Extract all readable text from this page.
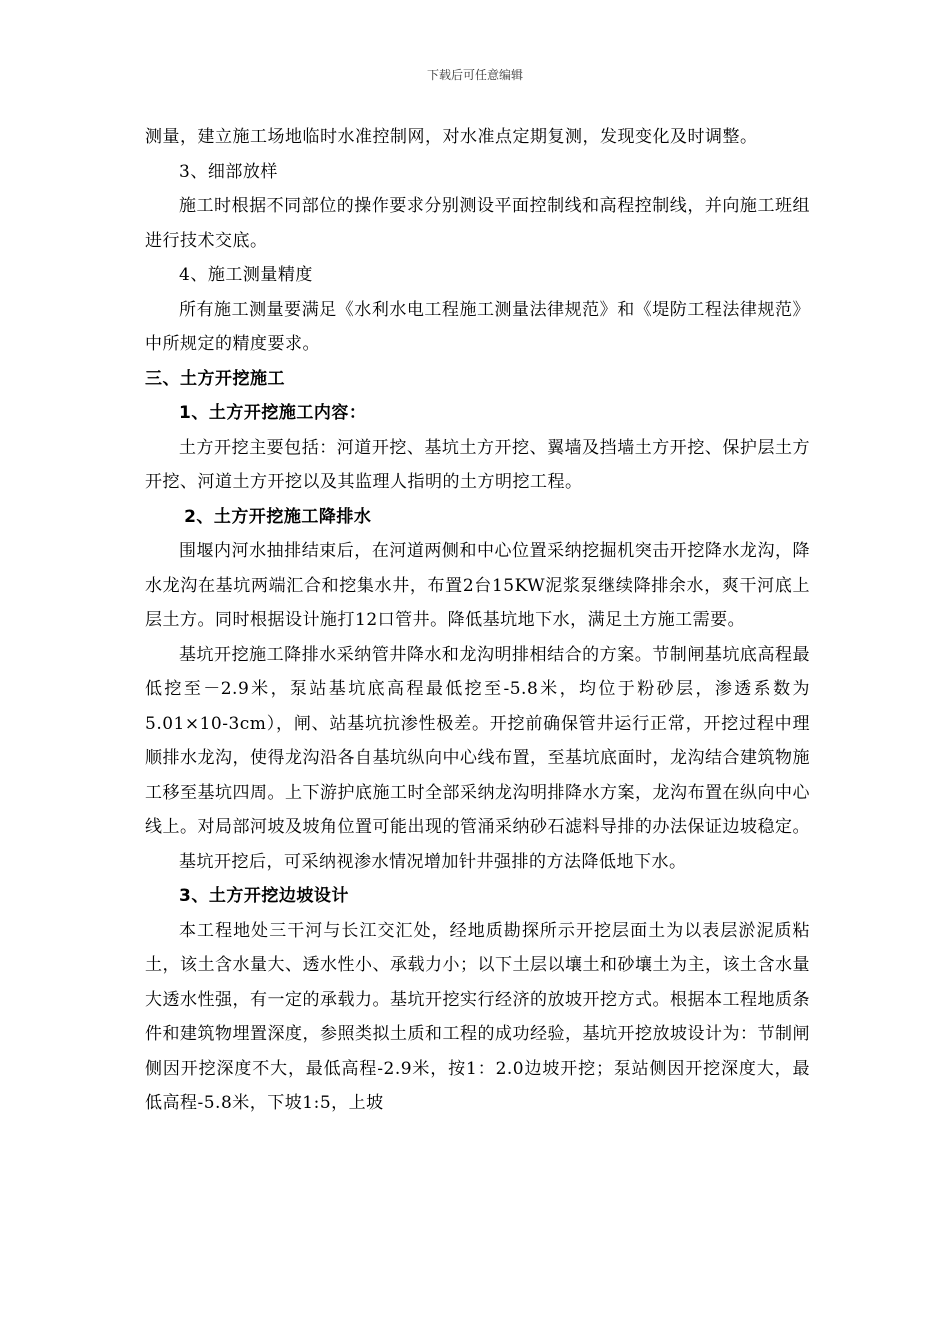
下载后可任意编辑

测量，建立施工场地临时水准控制网，对水准点定期复测，发现变化及时调整。

3、细部放样

施工时根据不同部位的操作要求分别测设平面控制线和高程控制线，并向施工班组进行技术交底。

4、施工测量精度

所有施工测量要满足《水利水电工程施工测量法律规范》和《堤防工程法律规范》中所规定的精度要求。

三、土方开挖施工

1、土方开挖施工内容：

土方开挖主要包括：河道开挖、基坑土方开挖、翼墙及挡墙土方开挖、保护层土方开挖、河道土方开挖以及其监理人指明的土方明挖工程。

2、土方开挖施工降排水

围堰内河水抽排结束后，在河道两侧和中心位置采纳挖掘机突击开挖降水龙沟，降水龙沟在基坑两端汇合和挖集水井，布置2台15KW泥浆泵继续降排余水，爽干河底上层土方。同时根据设计施打12口管井。降低基坑地下水，满足土方施工需要。

基坑开挖施工降排水采纳管井降水和龙沟明排相结合的方案。节制闸基坑底高程最低挖至－2.9米，泵站基坑底高程最低挖至-5.8米，均位于粉砂层，渗透系数为5.01×10-3cm），闸、站基坑抗渗性极差。开挖前确保管井运行正常，开挖过程中理顺排水龙沟，使得龙沟沿各自基坑纵向中心线布置，至基坑底面时，龙沟结合建筑物施工移至基坑四周。上下游护底施工时全部采纳龙沟明排降水方案，龙沟布置在纵向中心线上。对局部河坡及坡角位置可能出现的管涌采纳砂石滤料导排的办法保证边坡稳定。

基坑开挖后，可采纳视渗水情况增加针井强排的方法降低地下水。

3、土方开挖边坡设计

本工程地处三干河与长江交汇处，经地质勘探所示开挖层面土为以表层淤泥质粘土，该土含水量大、透水性小、承载力小；以下土层以壤土和砂壤土为主，该土含水量大透水性强，有一定的承载力。基坑开挖实行经济的放坡开挖方式。根据本工程地质条件和建筑物埋置深度，参照类拟土质和工程的成功经验，基坑开挖放坡设计为：节制闸侧因开挖深度不大，最低高程-2.9米，按1：2.0边坡开挖；泵站侧因开挖深度大，最低高程-5.8米，下坡1:5，上坡
